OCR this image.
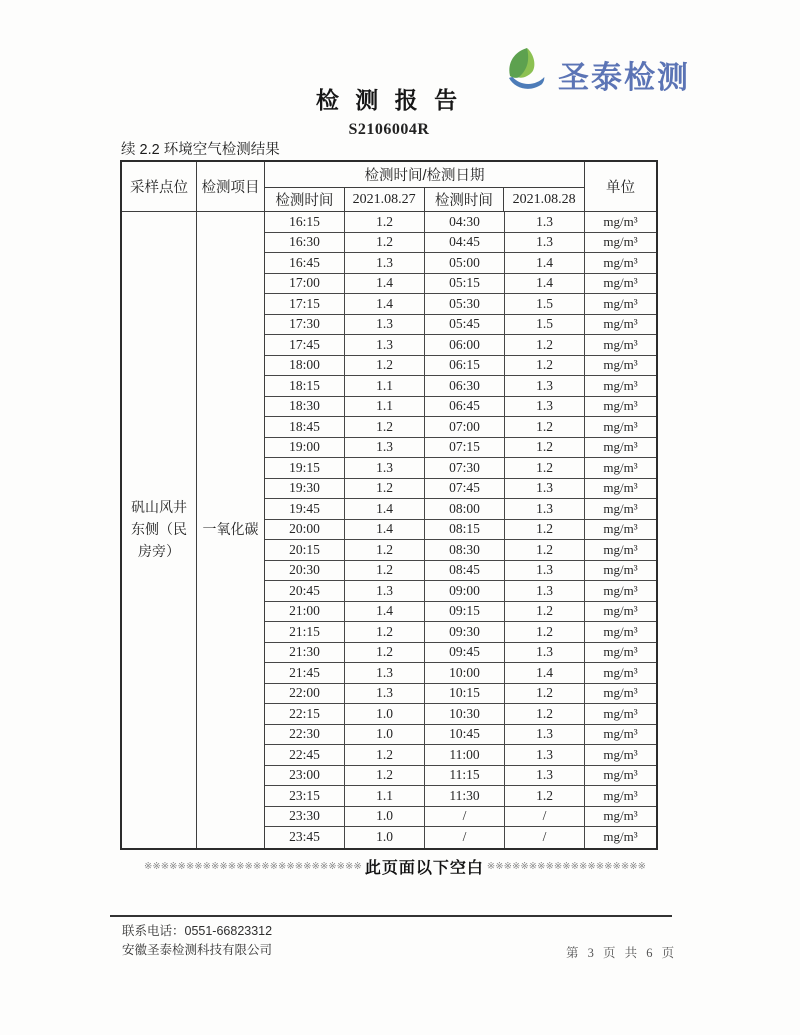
圣泰检测
检 测 报 告
S2106004R
续 2.2 环境空气检测结果
采样点位 检测项目
检测时间/检测日期
检测时间	2021.08.27	检测时间	2021.08.28
单位
矾山风井东侧（民房旁）
一氧化碳
16:15	1.2	04:30	1.3	mg/m³
16:30	1.2	04:45	1.3	mg/m³
16:45	1.3	05:00	1.4	mg/m³
17:00	1.4	05:15	1.4	mg/m³
17:15	1.4	05:30	1.5	mg/m³
17:30	1.3	05:45	1.5	mg/m³
17:45	1.3	06:00	1.2	mg/m³
18:00	1.2	06:15	1.2	mg/m³
18:15	1.1	06:30	1.3	mg/m³
18:30	1.1	06:45	1.3	mg/m³
18:45	1.2	07:00	1.2	mg/m³
19:00	1.3	07:15	1.2	mg/m³
19:15	1.3	07:30	1.2	mg/m³
19:30	1.2	07:45	1.3	mg/m³
19:45	1.4	08:00	1.3	mg/m³
20:00	1.4	08:15	1.2	mg/m³
20:15	1.2	08:30	1.2	mg/m³
20:30	1.2	08:45	1.3	mg/m³
20:45	1.3	09:00	1.3	mg/m³
21:00	1.4	09:15	1.2	mg/m³
21:15	1.2	09:30	1.2	mg/m³
21:30	1.2	09:45	1.3	mg/m³
21:45	1.3	10:00	1.4	mg/m³
22:00	1.3	10:15	1.2	mg/m³
22:15	1.0	10:30	1.2	mg/m³
22:30	1.0	10:45	1.3	mg/m³
22:45	1.2	11:00	1.3	mg/m³
23:00	1.2	11:15	1.3	mg/m³
23:15	1.1	11:30	1.2	mg/m³
23:30	1.0	/	/	mg/m³
23:45	1.0	/	/	mg/m³
※※※※※※※※※※※※※※※※※※※※※※※※※※ 此页面以下空白 ※※※※※※※※※※※※※※※※※※※
联系电话：0551-66823312
安徽圣泰检测科技有限公司	第 3 页 共 6 页
